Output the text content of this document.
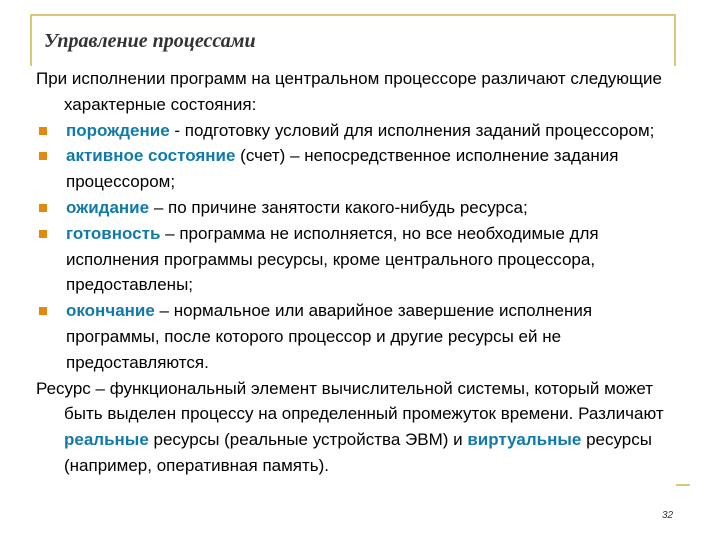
Управление процессами
При исполнении программ на центральном процессоре различают следующие характерные состояния:
порождение - подготовку условий для исполнения заданий процессором;
активное состояние (счет) – непосредственное исполнение задания процессором;
ожидание – по причине занятости какого-нибудь ресурса;
готовность – программа не исполняется, но все необходимые для исполнения программы ресурсы, кроме центрального процессора, предоставлены;
окончание – нормальное или аварийное завершение исполнения программы, после которого процессор и другие ресурсы ей не предоставляются.
Ресурс – функциональный элемент вычислительной системы, который может быть выделен процессу на определенный промежуток времени. Различают реальные ресурсы (реальные устройства ЭВМ) и виртуальные ресурсы (например, оперативная память).
32
